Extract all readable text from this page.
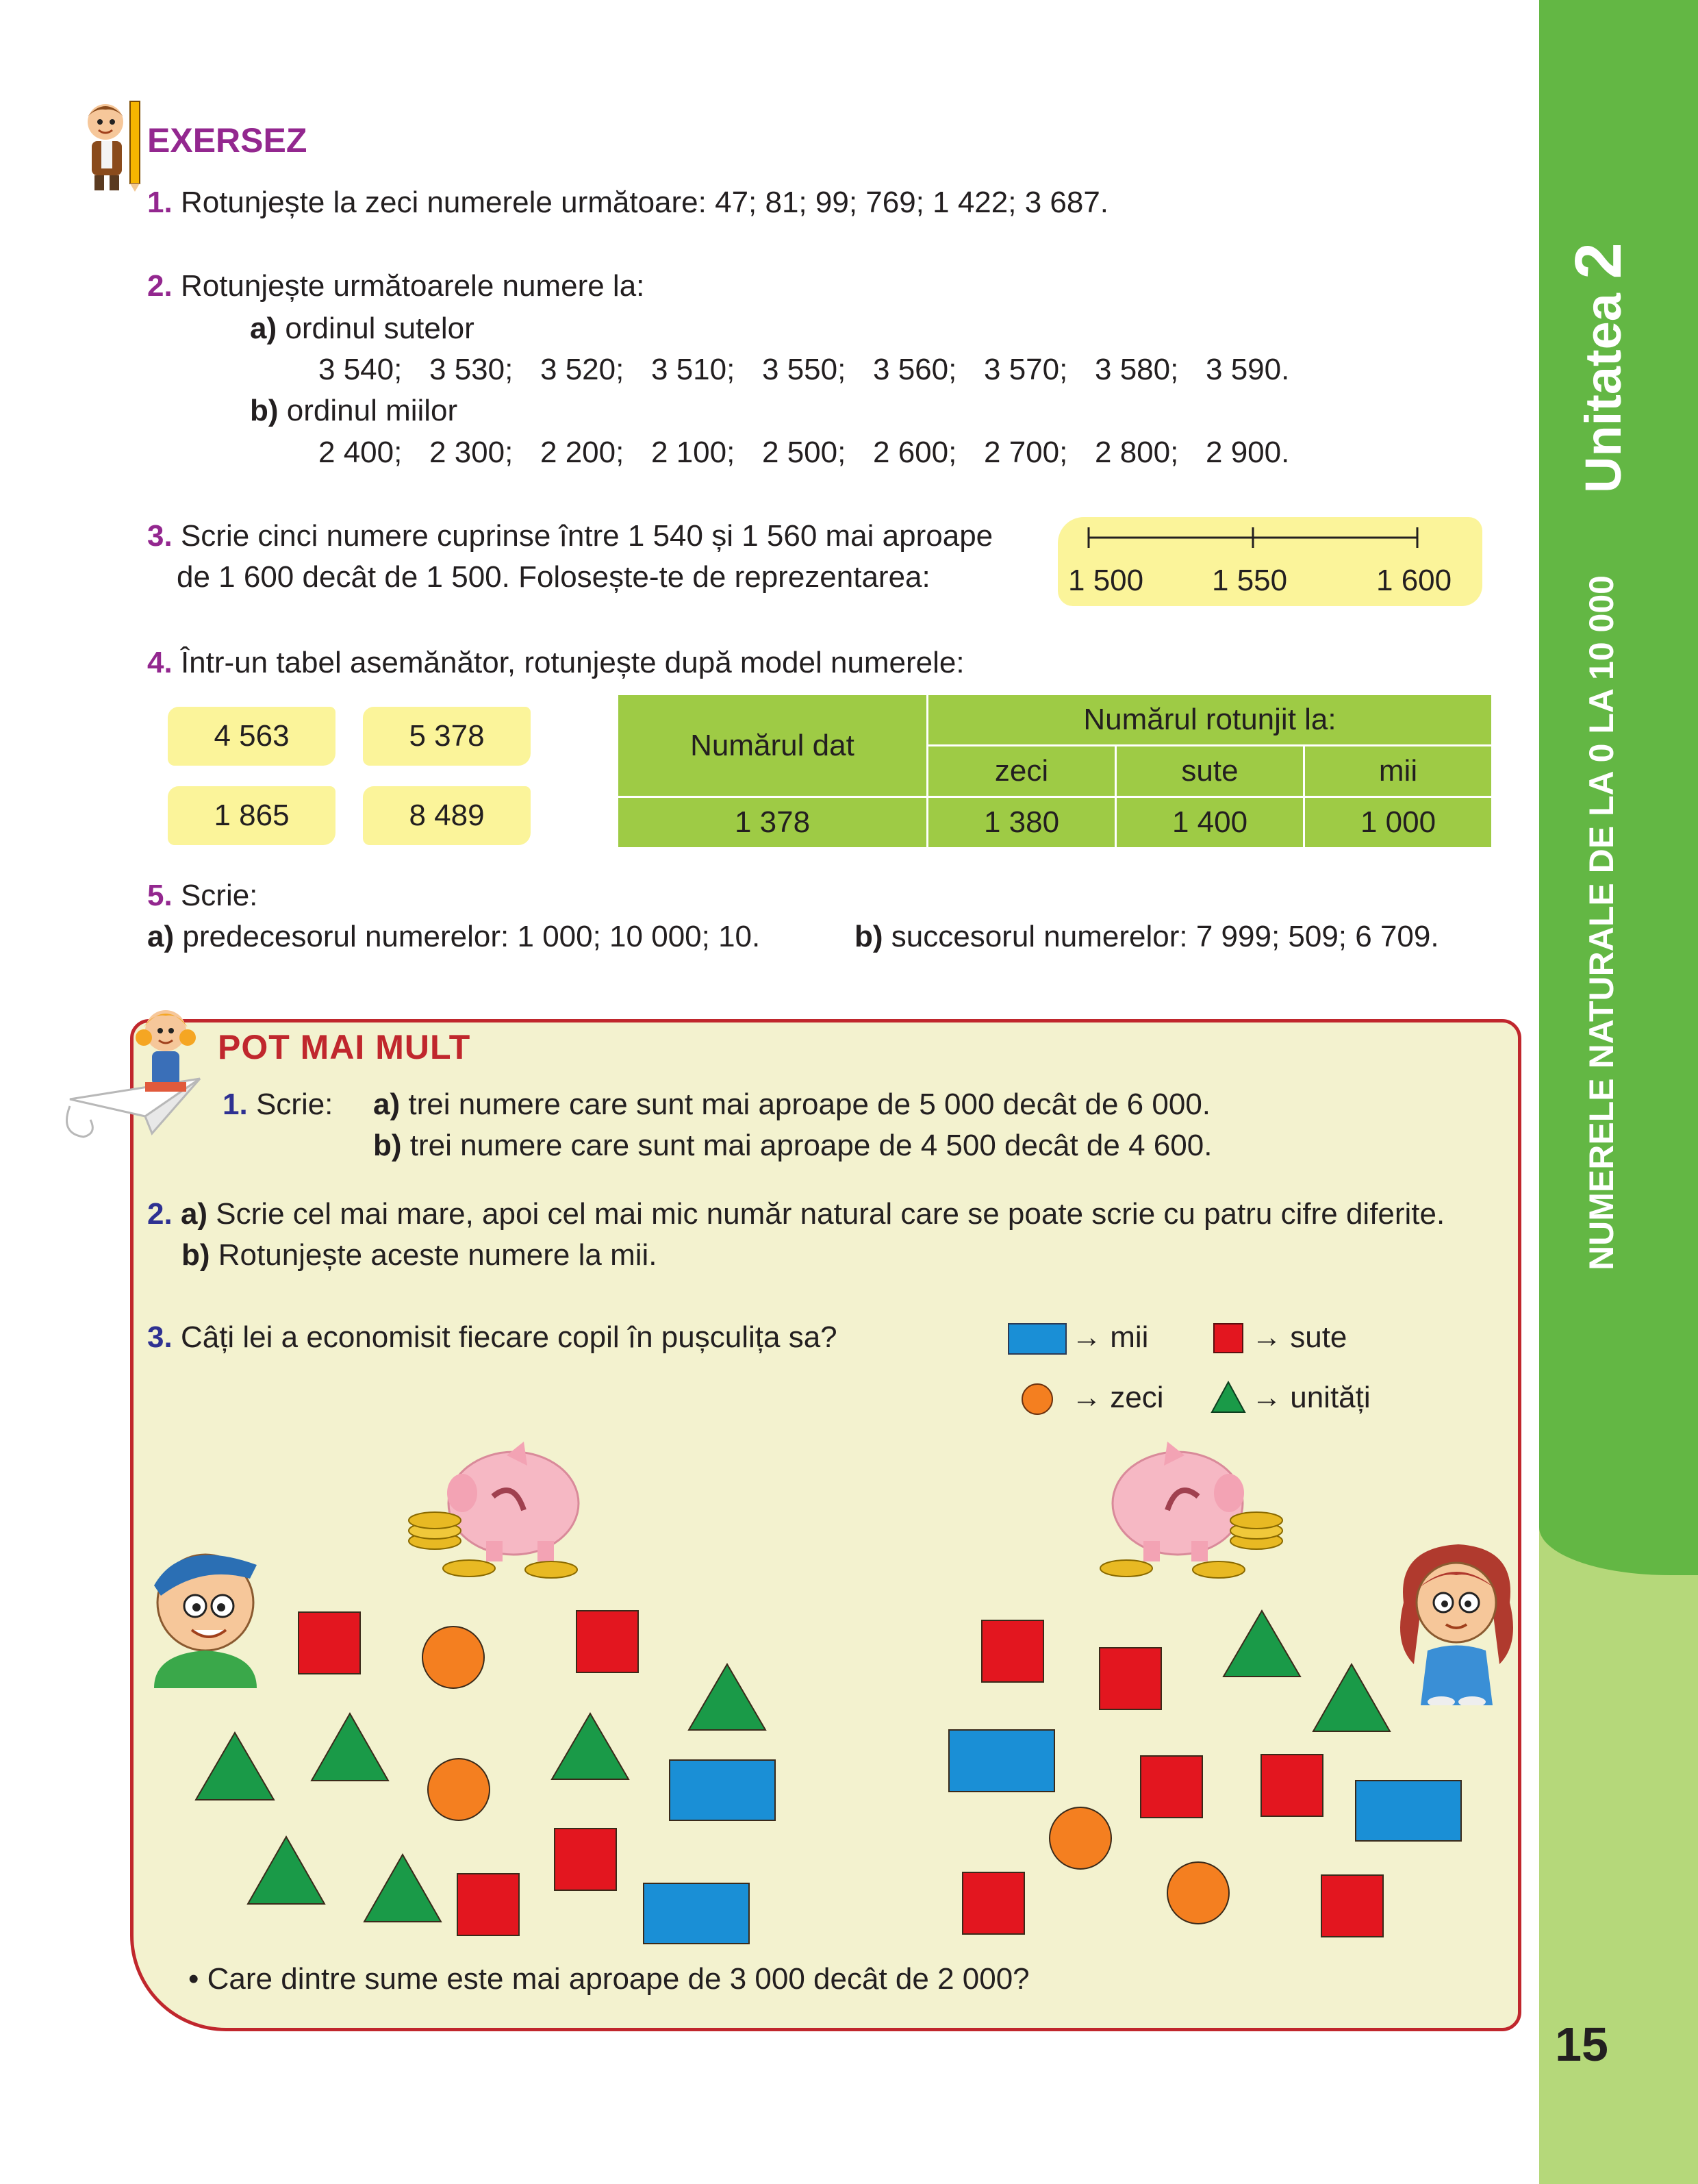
Unitatea 2
NUMERELE NATURALE DE LA 0 LA 10 000
15
EXERSEZ
1. Rotunjește la zeci numerele următoare: 47; 81; 99; 769; 1 422; 3 687.
2. Rotunjește următoarele numere la:
a) ordinul sutelor
3 540; 3 530; 3 520; 3 510; 3 550; 3 560; 3 570; 3 580; 3 590.
b) ordinul miilor
2 400; 2 300; 2 200; 2 100; 2 500; 2 600; 2 700; 2 800; 2 900.
3. Scrie cinci numere cuprinse între 1 540 și 1 560 mai aproape
de 1 600 decât de 1 500. Folosește-te de reprezentarea:	1 500 1 550	1 600
4. Într-un tabel asemănător, rotunjește după model numerele:
4 563	5 378
1 865	8 489
Numărul dat	Numărul rotunjit la:		
	zeci	sute	mii
1 378	1 380	1 400	1 000
5. Scrie:
a) predecesorul numerelor: 1 000; 10 000; 10.	b) succesorul numerelor: 7 999; 509; 6 709.
POT MAI MULT
1. Scrie: a) trei numere care sunt mai aproape de 5 000 decât de 6 000.
b) trei numere care sunt mai aproape de 4 500 decât de 4 600.
2. a) Scrie cel mai mare, apoi cel mai mic număr natural care se poate scrie cu patru cifre diferite.
b) Rotunjește aceste numere la mii.
3. Câți lei a economisit fiecare copil în pușculița sa?	→ mii	→ sute
→ zeci	→ unități
• Care dintre sume este mai aproape de 3 000 decât de 2 000?
